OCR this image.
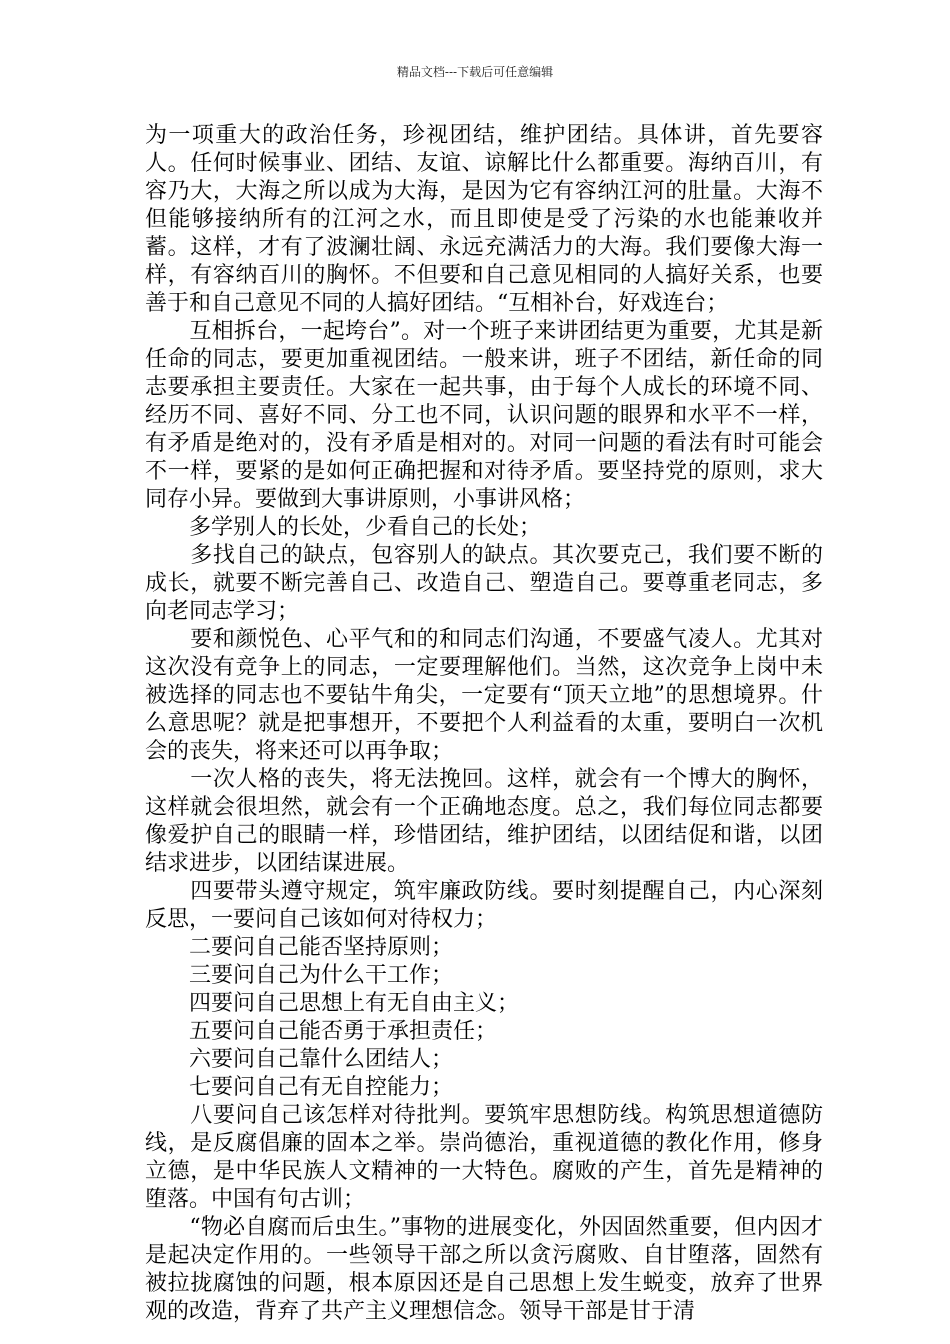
精品文档---下载后可任意编辑

为一项重大的政治任务，珍视团结，维护团结。具体讲，首先要容人。任何时候事业、团结、友谊、谅解比什么都重要。海纳百川，有容乃大，大海之所以成为大海，是因为它有容纳江河的肚量。大海不但能够接纳所有的江河之水，而且即使是受了污染的水也能兼收并蓄。这样，才有了波澜壮阔、永远充满活力的大海。我们要像大海一样，有容纳百川的胸怀。不但要和自己意见相同的人搞好关系，也要善于和自己意见不同的人搞好团结。“互相补台，好戏连台；

　　互相拆台，一起垮台”。对一个班子来讲团结更为重要，尤其是新任命的同志，要更加重视团结。一般来讲，班子不团结，新任命的同志要承担主要责任。大家在一起共事，由于每个人成长的环境不同、经历不同、喜好不同、分工也不同，认识问题的眼界和水平不一样，有矛盾是绝对的，没有矛盾是相对的。对同一问题的看法有时可能会不一样，要紧的是如何正确把握和对待矛盾。要坚持党的原则，求大同存小异。要做到大事讲原则，小事讲风格；

　　多学别人的长处，少看自己的长处；

　　多找自己的缺点，包容别人的缺点。其次要克己，我们要不断的成长，就要不断完善自己、改造自己、塑造自己。要尊重老同志，多向老同志学习；

　　要和颜悦色、心平气和的和同志们沟通，不要盛气凌人。尤其对这次没有竞争上的同志，一定要理解他们。当然，这次竞争上岗中未被选择的同志也不要钻牛角尖，一定要有“顶天立地”的思想境界。什么意思呢？就是把事想开，不要把个人利益看的太重，要明白一次机会的丧失，将来还可以再争取；

　　一次人格的丧失，将无法挽回。这样，就会有一个博大的胸怀，这样就会很坦然，就会有一个正确地态度。总之，我们每位同志都要像爱护自己的眼睛一样，珍惜团结，维护团结，以团结促和谐，以团结求进步，以团结谋进展。

　　四要带头遵守规定，筑牢廉政防线。要时刻提醒自己，内心深刻反思，一要问自己该如何对待权力；

　　二要问自己能否坚持原则；

　　三要问自己为什么干工作；

　　四要问自己思想上有无自由主义；

　　五要问自己能否勇于承担责任；

　　六要问自己靠什么团结人；

　　七要问自己有无自控能力；

　　八要问自己该怎样对待批判。要筑牢思想防线。构筑思想道德防线，是反腐倡廉的固本之举。崇尚德治，重视道德的教化作用，修身立德，是中华民族人文精神的一大特色。腐败的产生，首先是精神的堕落。中国有句古训；

　　“物必自腐而后虫生。”事物的进展变化，外因固然重要，但内因才是起决定作用的。一些领导干部之所以贪污腐败、自甘堕落，固然有被拉拢腐蚀的问题，根本原因还是自己思想上发生蜕变，放弃了世界观的改造，背弃了共产主义理想信念。领导干部是甘于清
